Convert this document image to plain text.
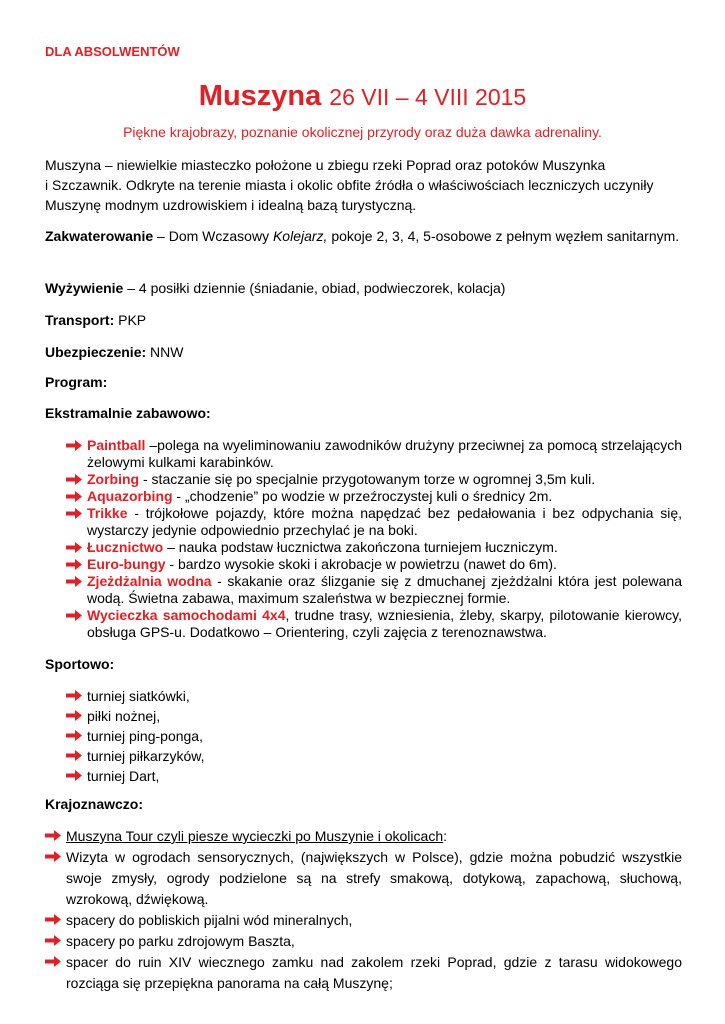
DLA ABSOLWENTÓW
Muszyna 26 VII – 4 VIII 2015
Piękne krajobrazy, poznanie okolicznej przyrody oraz duża dawka adrenaliny.
Muszyna – niewielkie miasteczko położone u zbiegu rzeki Poprad oraz potoków Muszynka
i Szczawnik. Odkryte na terenie miasta i okolic obfite źródła o właściwościach leczniczych uczyniły
Muszynę modnym uzdrowiskiem i idealną bazą turystyczną.
Zakwaterowanie – Dom Wczasowy Kolejarz, pokoje 2, 3, 4, 5-osobowe z pełnym węzłem sanitarnym.
Wyżywienie – 4 posiłki dziennie (śniadanie, obiad, podwieczorek, kolacja)
Transport: PKP
Ubezpieczenie: NNW
Program:
Ekstramalnie zabawowo:
Paintball –polega na wyeliminowaniu zawodników drużyny przeciwnej za pomocą strzelających żelowymi kulkami karabinków.
Zorbing - staczanie się po specjalnie przygotowanym torze w ogromnej 3,5m kuli.
Aquazorbing - „chodzenie” po wodzie w przeźroczystej kuli o średnicy 2m.
Trikke - trójkołowe pojazdy, które można napędzać bez pedałowania i bez odpychania się, wystarczy jedynie odpowiednio przechylać je na boki.
Łucznictwo – nauka podstaw łucznictwa zakończona turniejem łuczniczym.
Euro-bungy - bardzo wysokie skoki i akrobacje w powietrzu (nawet do 6m).
Zjeżdżalnia wodna - skakanie oraz ślizganie się z dmuchanej zjeżdżalni która jest polewana wodą. Świetna zabawa, maximum szaleństwa w bezpiecznej formie.
Wycieczka samochodami 4x4, trudne trasy, wzniesienia, żleby, skarpy, pilotowanie kierowcy, obsługa GPS-u. Dodatkowo – Orientering, czyli zajęcia z terenoznawstwa.
Sportowo:
turniej siatkówki,
piłki nożnej,
turniej ping-ponga,
turniej piłkarzyków,
turniej Dart,
Krajoznawczo:
Muszyna Tour czyli piesze wycieczki po Muszynie i okolicach:
Wizyta w ogrodach sensorycznych, (największych w Polsce), gdzie można pobudzić wszystkie swoje zmysły, ogrody podzielone są na strefy smakową, dotykową, zapachową, słuchową, wzrokową, dźwiękową.
spacery do pobliskich pijalni wód mineralnych,
spacery po parku zdrojowym Baszta,
spacer do ruin XIV wiecznego zamku nad zakolem rzeki Poprad, gdzie z tarasu widokowego rozciąga się przepiękna panorama na całą Muszynę;
